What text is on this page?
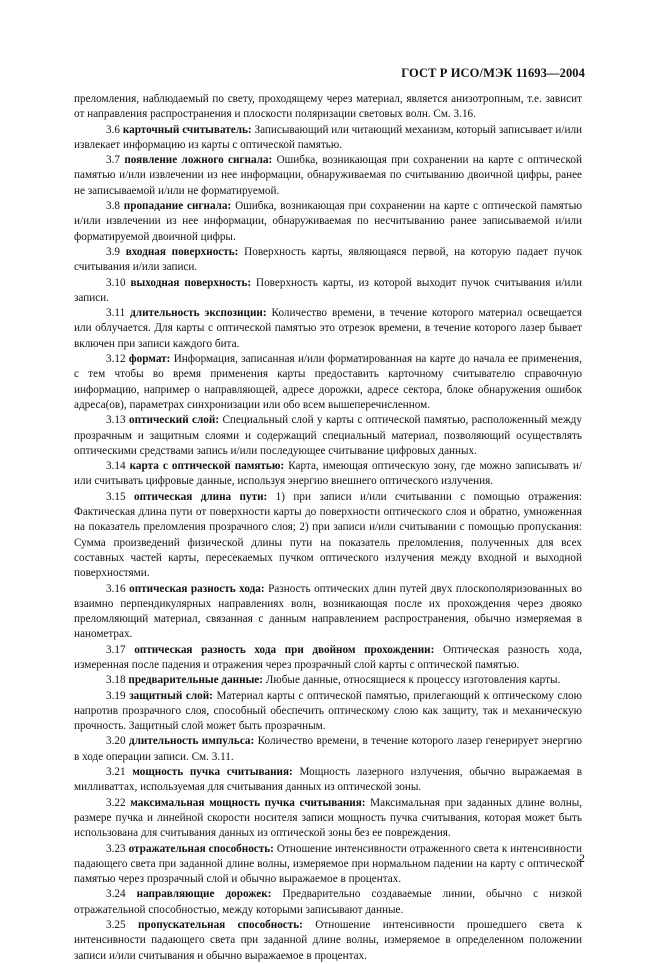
ГОСТ Р ИСО/МЭК 11693—2004

преломления, наблюдаемый по свету, проходящему через материал, является анизотропным, т.е. зависит от направления распространения и плоскости поляризации световых волн. См. 3.16.

3.6 карточный считыватель: Записывающий или читающий механизм, который записывает и/или извлекает информацию из карты с оптической памятью.

3.7 появление ложного сигнала: Ошибка, возникающая при сохранении на карте с оптической памятью и/или извлечении из нее информации, обнаруживаемая по считыванию двоичной цифры, ранее не записываемой и/или не форматируемой.

3.8 пропадание сигнала: Ошибка, возникающая при сохранении на карте с оптической памятью и/или извлечении из нее информации, обнаруживаемая по несчитыванию ранее записываемой и/или форматируемой двоичной цифры.

3.9 входная поверхность: Поверхность карты, являющаяся первой, на которую падает пучок считывания и/или записи.

3.10 выходная поверхность: Поверхность карты, из которой выходит пучок считывания и/или записи.

3.11 длительность экспозиции: Количество времени, в течение которого материал освещается или облучается. Для карты с оптической памятью это отрезок времени, в течение которого лазер бывает включен при записи каждого бита.

3.12 формат: Информация, записанная и/или форматированная на карте до начала ее применения, с тем чтобы во время применения карты предоставить карточному считывателю справочную информацию, например о направляющей, адресе дорожки, адресе сектора, блоке обнаружения ошибок адреса(ов), параметрах синхронизации или обо всем вышеперечисленном.

3.13 оптический слой: Специальный слой у карты с оптической памятью, расположенный между прозрачным и защитным слоями и содержащий специальный материал, позволяющий осуществлять оптическими средствами запись и/или последующее считывание цифровых данных.

3.14 карта с оптической памятью: Карта, имеющая оптическую зону, где можно записывать и/или считывать цифровые данные, используя энергию внешнего оптического излучения.

3.15 оптическая длина пути: 1) при записи и/или считывании с помощью отражения: Фактическая длина пути от поверхности карты до поверхности оптического слоя и обратно, умноженная на показатель преломления прозрачного слоя; 2) при записи и/или считывании с помощью пропускания: Сумма произведений физической длины пути на показатель преломления, полученных для всех составных частей карты, пересекаемых пучком оптического излучения между входной и выходной поверхностями.

3.16 оптическая разность хода: Разность оптических длин путей двух плоскополяризованных во взаимно перпендикулярных направлениях волн, возникающая после их прохождения через двояко преломляющий материал, связанная с данным направлением распространения, обычно измеряемая в нанометрах.

3.17 оптическая разность хода при двойном прохождении: Оптическая разность хода, измеренная после падения и отражения через прозрачный слой карты с оптической памятью.

3.18 предварительные данные: Любые данные, относящиеся к процессу изготовления карты.

3.19 защитный слой: Материал карты с оптической памятью, прилегающий к оптическому слою напротив прозрачного слоя, способный обеспечить оптическому слою как защиту, так и механическую прочность. Защитный слой может быть прозрачным.

3.20 длительность импульса: Количество времени, в течение которого лазер генерирует энергию в ходе операции записи. См. 3.11.

3.21 мощность пучка считывания: Мощность лазерного излучения, обычно выражаемая в милливаттах, используемая для считывания данных из оптической зоны.

3.22 максимальная мощность пучка считывания: Максимальная при заданных длине волны, размере пучка и линейной скорости носителя записи мощность пучка считывания, которая может быть использована для считывания данных из оптической зоны без ее повреждения.

3.23 отражательная способность: Отношение интенсивности отраженного света к интенсивности падающего света при заданной длине волны, измеряемое при нормальном падении на карту с оптической памятью через прозрачный слой и обычно выражаемое в процентах.

3.24 направляющие дорожек: Предварительно создаваемые линии, обычно с низкой отражательной способностью, между которыми записывают данные.

3.25 пропускательная способность: Отношение интенсивности прошедшего света к интенсивности падающего света при заданной длине волны, измеряемое в определенном положении записи и/или считывания и обычно выражаемое в процентах.

2
